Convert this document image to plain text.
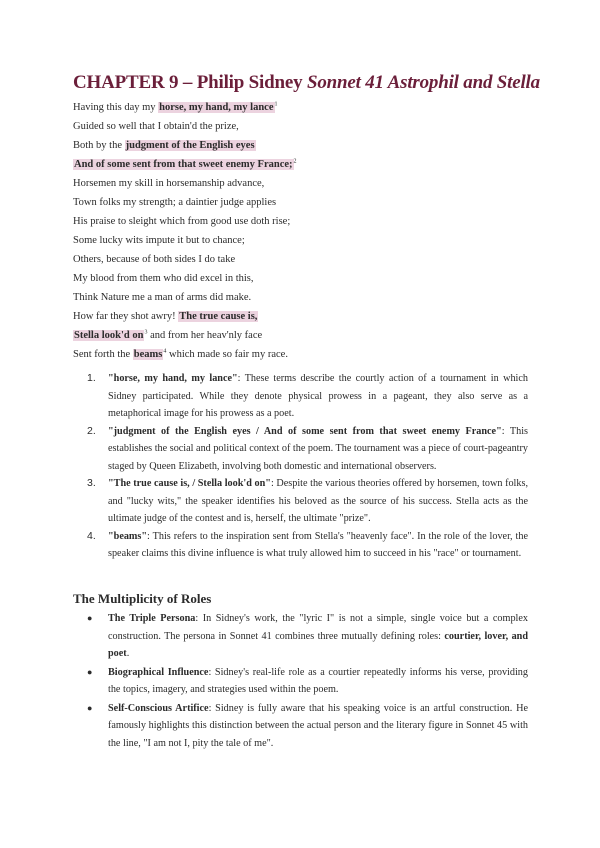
CHAPTER 9 – Philip Sidney Sonnet 41 Astrophil and Stella
Having this day my horse, my hand, my lance$^1$
Guided so well that I obtain'd the prize,
Both by the judgment of the English eyes
And of some sent from that sweet enemy France;$^2$
Horsemen my skill in horsemanship advance,
Town folks my strength; a daintier judge applies
His praise to sleight which from good use doth rise;
Some lucky wits impute it but to chance;
Others, because of both sides I do take
My blood from them who did excel in this,
Think Nature me a man of arms did make.
How far they shot awry! The true cause is,
Stella look'd $on^3$ and from her heav'nly face
Sent forth the beams$^4$ which made so fair my race.
1. "horse, my hand, my lance": These terms describe the courtly action of a tournament in which Sidney participated. While they denote physical prowess in a pageant, they also serve as a metaphorical image for his prowess as a poet.
2. "judgment of the English eyes / And of some sent from that sweet enemy France": This establishes the social and political context of the poem. The tournament was a piece of court-pageantry staged by Queen Elizabeth, involving both domestic and international observers.
3. "The true cause is, / Stella look'd on": Despite the various theories offered by horsemen, town folks, and "lucky wits," the speaker identifies his beloved as the source of his success. Stella acts as the ultimate judge of the contest and is, herself, the ultimate "prize".
4. "beams": This refers to the inspiration sent from Stella's "heavenly face". In the role of the lover, the speaker claims this divine influence is what truly allowed him to succeed in his "race" or tournament.
The Multiplicity of Roles
● The Triple Persona: In Sidney's work, the "lyric I" is not a simple, single voice but a complex construction. The persona in Sonnet 41 combines three mutually defining roles: courtier, lover, and poet.
● Biographical Influence: Sidney's real-life role as a courtier repeatedly informs his verse, providing the topics, imagery, and strategies used within the poem.
● Self-Conscious Artifice: Sidney is fully aware that his speaking voice is an artful construction. He famously highlights this distinction between the actual person and the literary figure in Sonnet 45 with the line, "I am not I, pity the tale of me".
